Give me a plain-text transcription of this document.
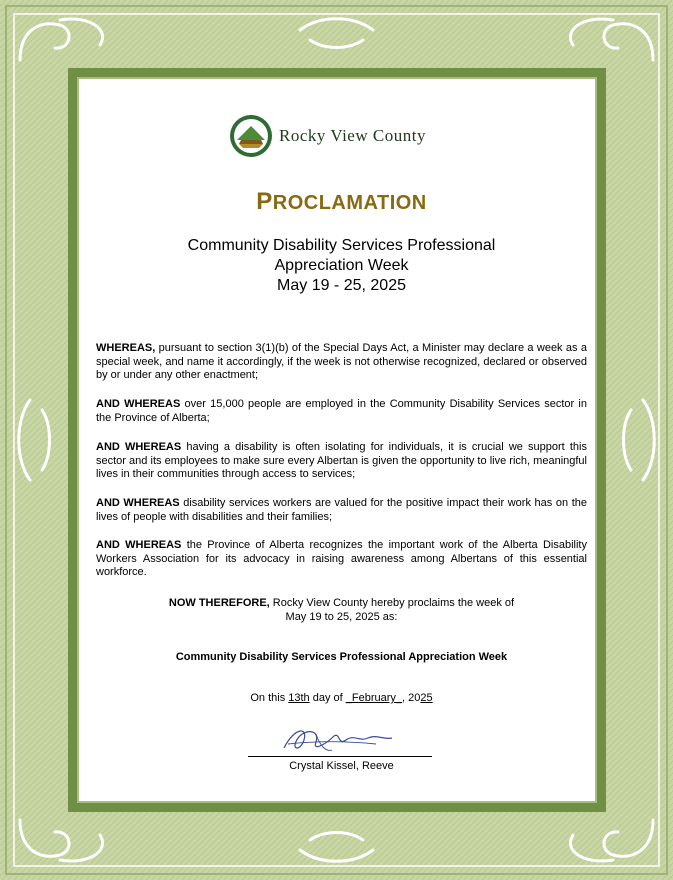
Rocky View County
PROCLAMATION
Community Disability Services Professional
Appreciation Week
May 19 - 25, 2025
WHEREAS, pursuant to section 3(1)(b) of the Special Days Act, a Minister may declare a week as a special week, and name it accordingly, if the week is not otherwise recognized, declared or observed by or under any other enactment;
AND WHEREAS over 15,000 people are employed in the Community Disability Services sector in the Province of Alberta;
AND WHEREAS having a disability is often isolating for individuals, it is crucial we support this sector and its employees to make sure every Albertan is given the opportunity to live rich, meaningful lives in their communities through access to services;
AND WHEREAS disability services workers are valued for the positive impact their work has on the lives of people with disabilities and their families;
AND WHEREAS the Province of Alberta recognizes the important work of the Alberta Disability Workers Association for its advocacy in raising awareness among Albertans of this essential workforce.
NOW THEREFORE, Rocky View County hereby proclaims the week of
May 19 to 25, 2025 as:
Community Disability Services Professional Appreciation Week
On this 13th day of _February_, 2025
Crystal Kissel, Reeve
